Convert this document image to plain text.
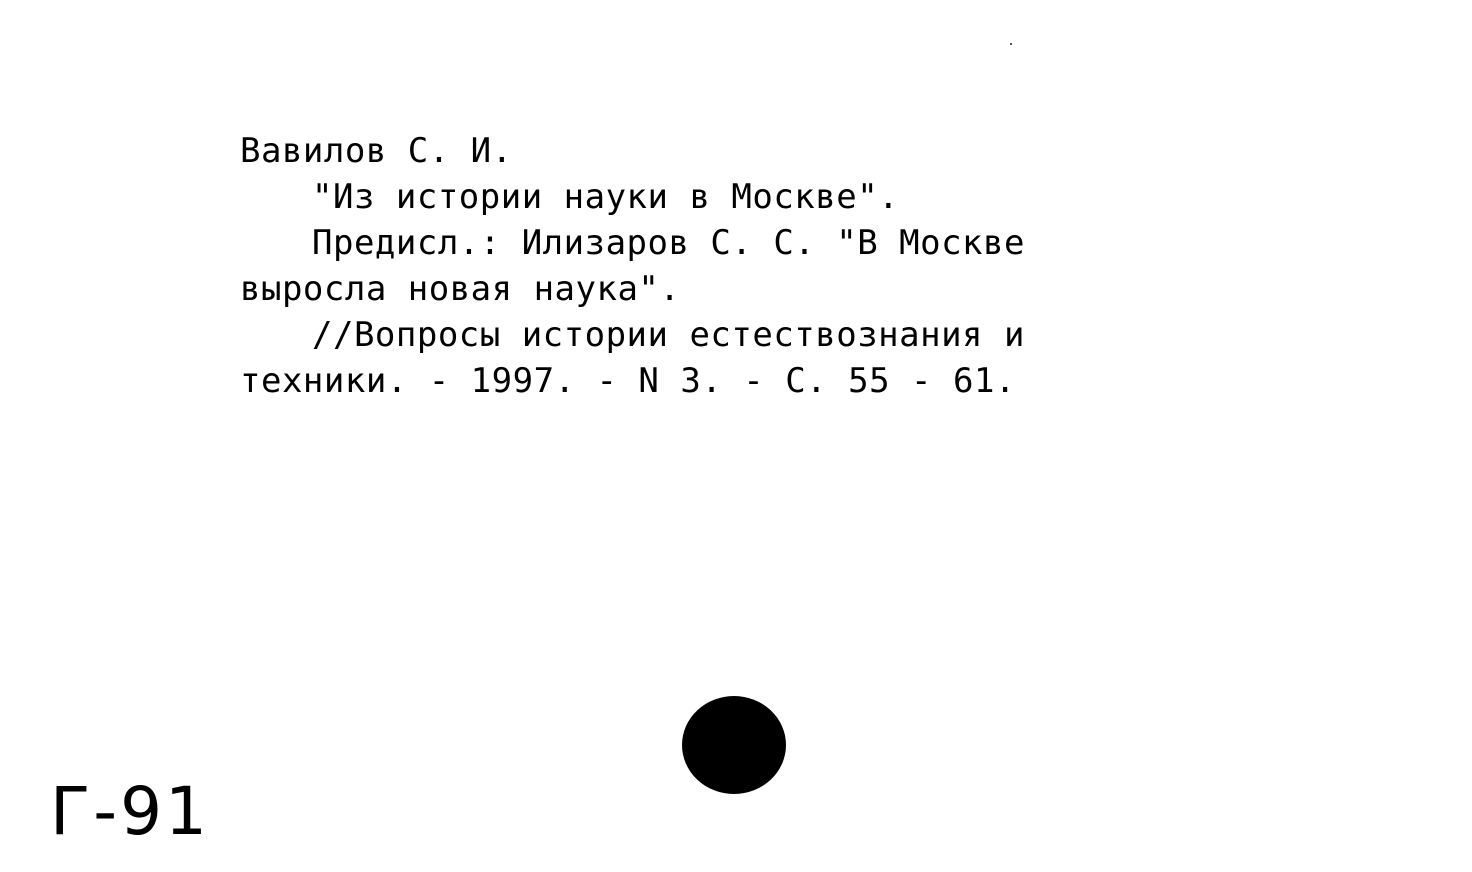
Вавилов С. И.
"Из истории науки в Москве".
Предисл.: Илизаров С. С. "В Москве
выросла новая наука".
//Вопросы истории естествознания и
техники. - 1997. - N 3. - С. 55 - 61.
Г-91
